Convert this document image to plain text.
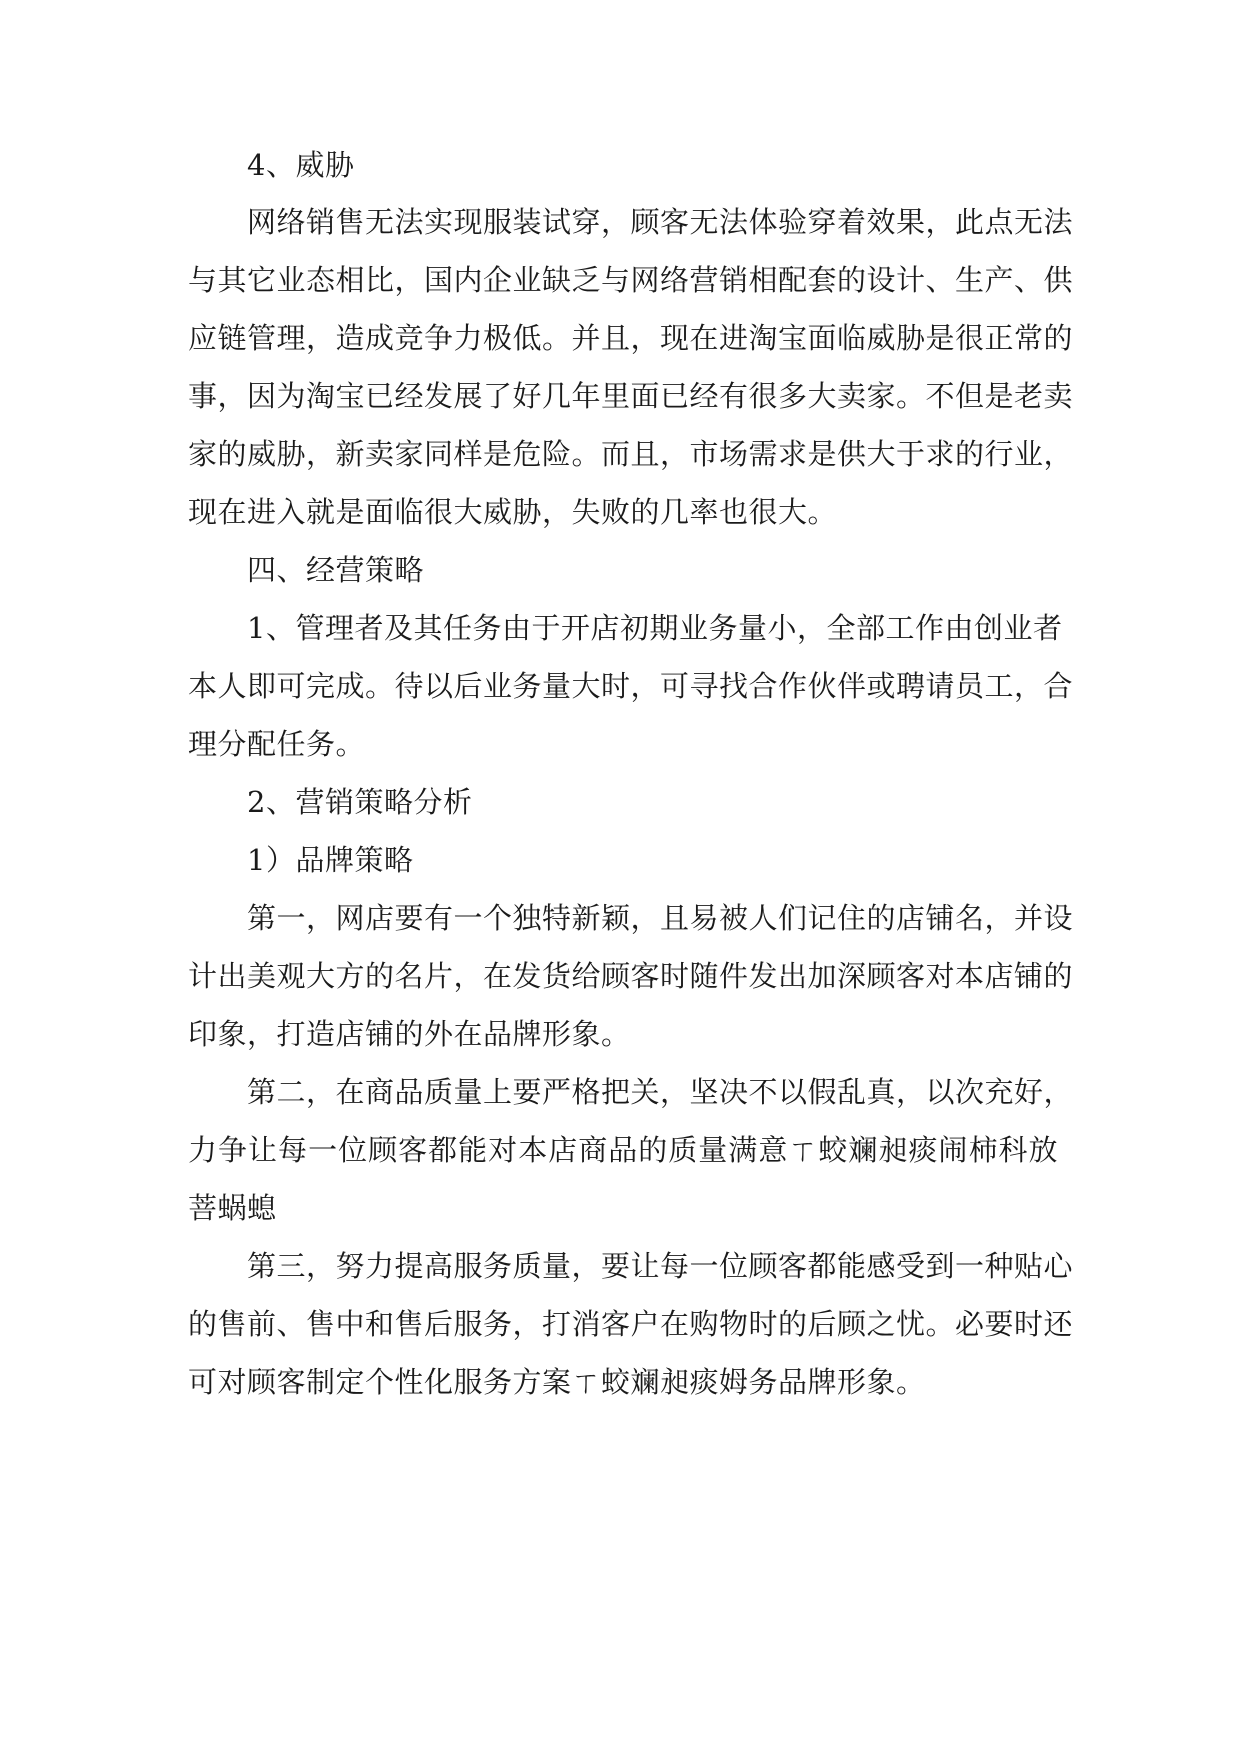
4、威胁
网络销售无法实现服装试穿，顾客无法体验穿着效果，此点无法
与其它业态相比，国内企业缺乏与网络营销相配套的设计、生产、供
应链管理，造成竞争力极低。并且，现在进淘宝面临威胁是很正常的
事，因为淘宝已经发展了好几年里面已经有很多大卖家。不但是老卖
家的威胁，新卖家同样是危险。而且，市场需求是供大于求的行业，
现在进入就是面临很大威胁，失败的几率也很大。
四、经营策略
1、管理者及其任务由于开店初期业务量小，全部工作由创业者
本人即可完成。待以后业务量大时，可寻找合作伙伴或聘请员工，合
理分配任务。
2、营销策略分析
1）品牌策略
第一，网店要有一个独特新颖，且易被人们记住的店铺名，并设
计出美观大方的名片，在发货给顾客时随件发出加深顾客对本店铺的
印象，打造店铺的外在品牌形象。
第二，在商品质量上要严格把关，坚决不以假乱真，以次充好，
力争让每一位顾客都能对本店商品的质量满意ㄒ蛟斓昶痰闹柿科放
菩蜗螅
第三，努力提高服务质量，要让每一位顾客都能感受到一种贴心
的售前、售中和售后服务，打消客户在购物时的后顾之忧。必要时还
可对顾客制定个性化服务方案ㄒ蛟斓昶痰姆务品牌形象。
